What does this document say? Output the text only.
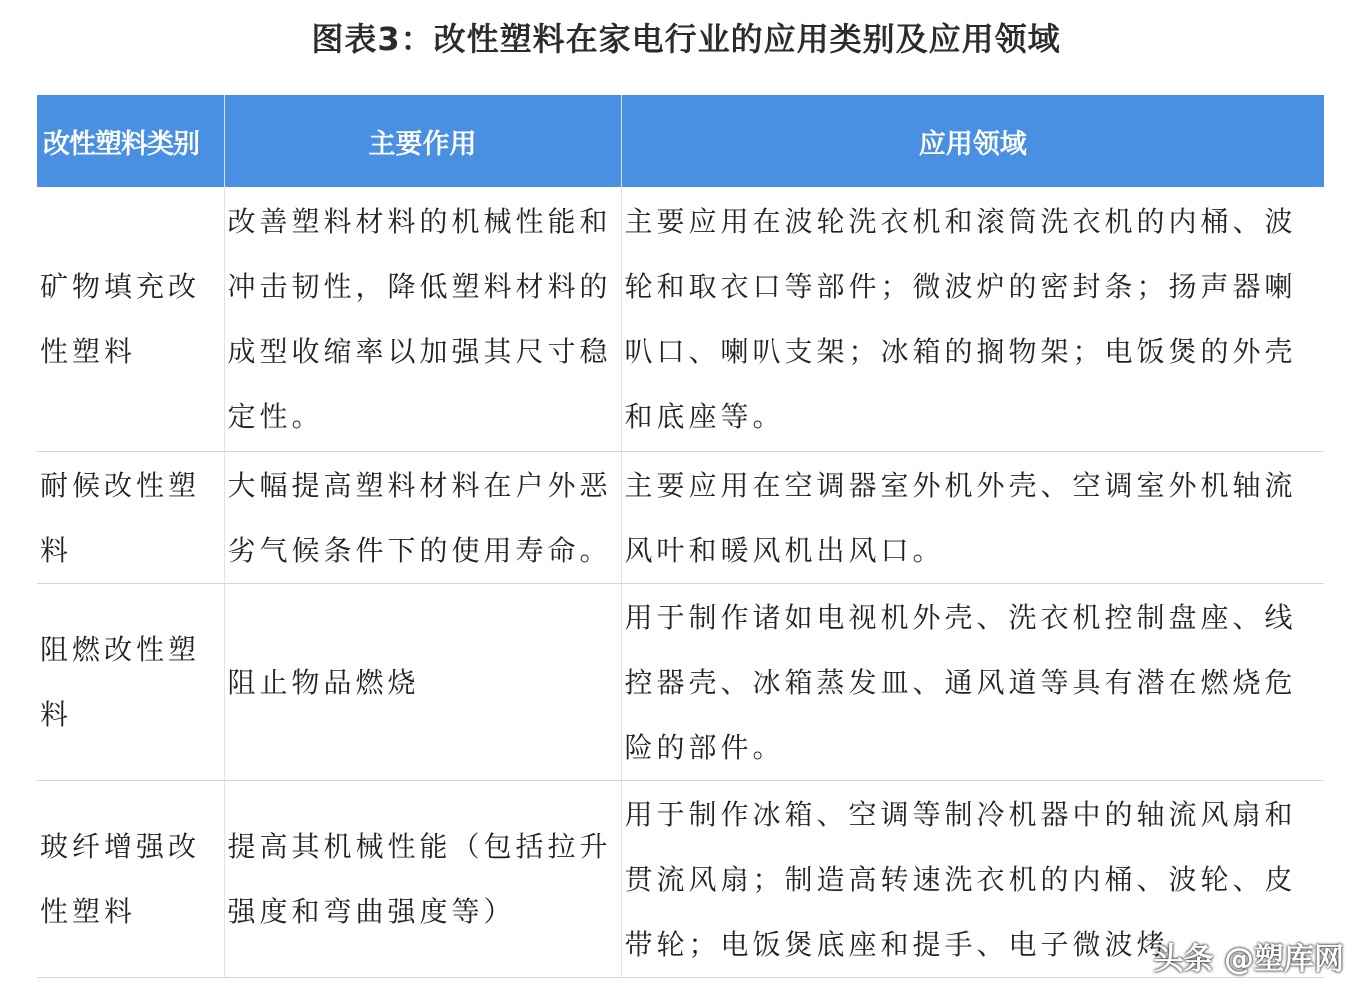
图表3：改性塑料在家电行业的应用类别及应用领域
改性塑料类别	主要作用	应用领域
矿物填充改性塑料	改善塑料材料的机械性能和冲击韧性，降低塑料材料的成型收缩率以加强其尺寸稳定性。	主要应用在波轮洗衣机和滚筒洗衣机的内桶、波轮和取衣口等部件；微波炉的密封条；扬声器喇叭口、喇叭支架；冰箱的搁物架；电饭煲的外壳和底座等。
耐候改性塑料	大幅提高塑料材料在户外恶劣气候条件下的使用寿命。	主要应用在空调器室外机外壳、空调室外机轴流风叶和暖风机出风口。
阻燃改性塑料	阻止物品燃烧	用于制作诸如电视机外壳、洗衣机控制盘座、线控器壳、冰箱蒸发皿、通风道等具有潜在燃烧危险的部件。
玻纤增强改性塑料	提高其机械性能（包括拉升强度和弯曲强度等）	用于制作冰箱、空调等制冷机器中的轴流风扇和贯流风扇；制造高转速洗衣机的内桶、波轮、皮带轮；电饭煲底座和提手、电子微波烤
头条 @塑库网
